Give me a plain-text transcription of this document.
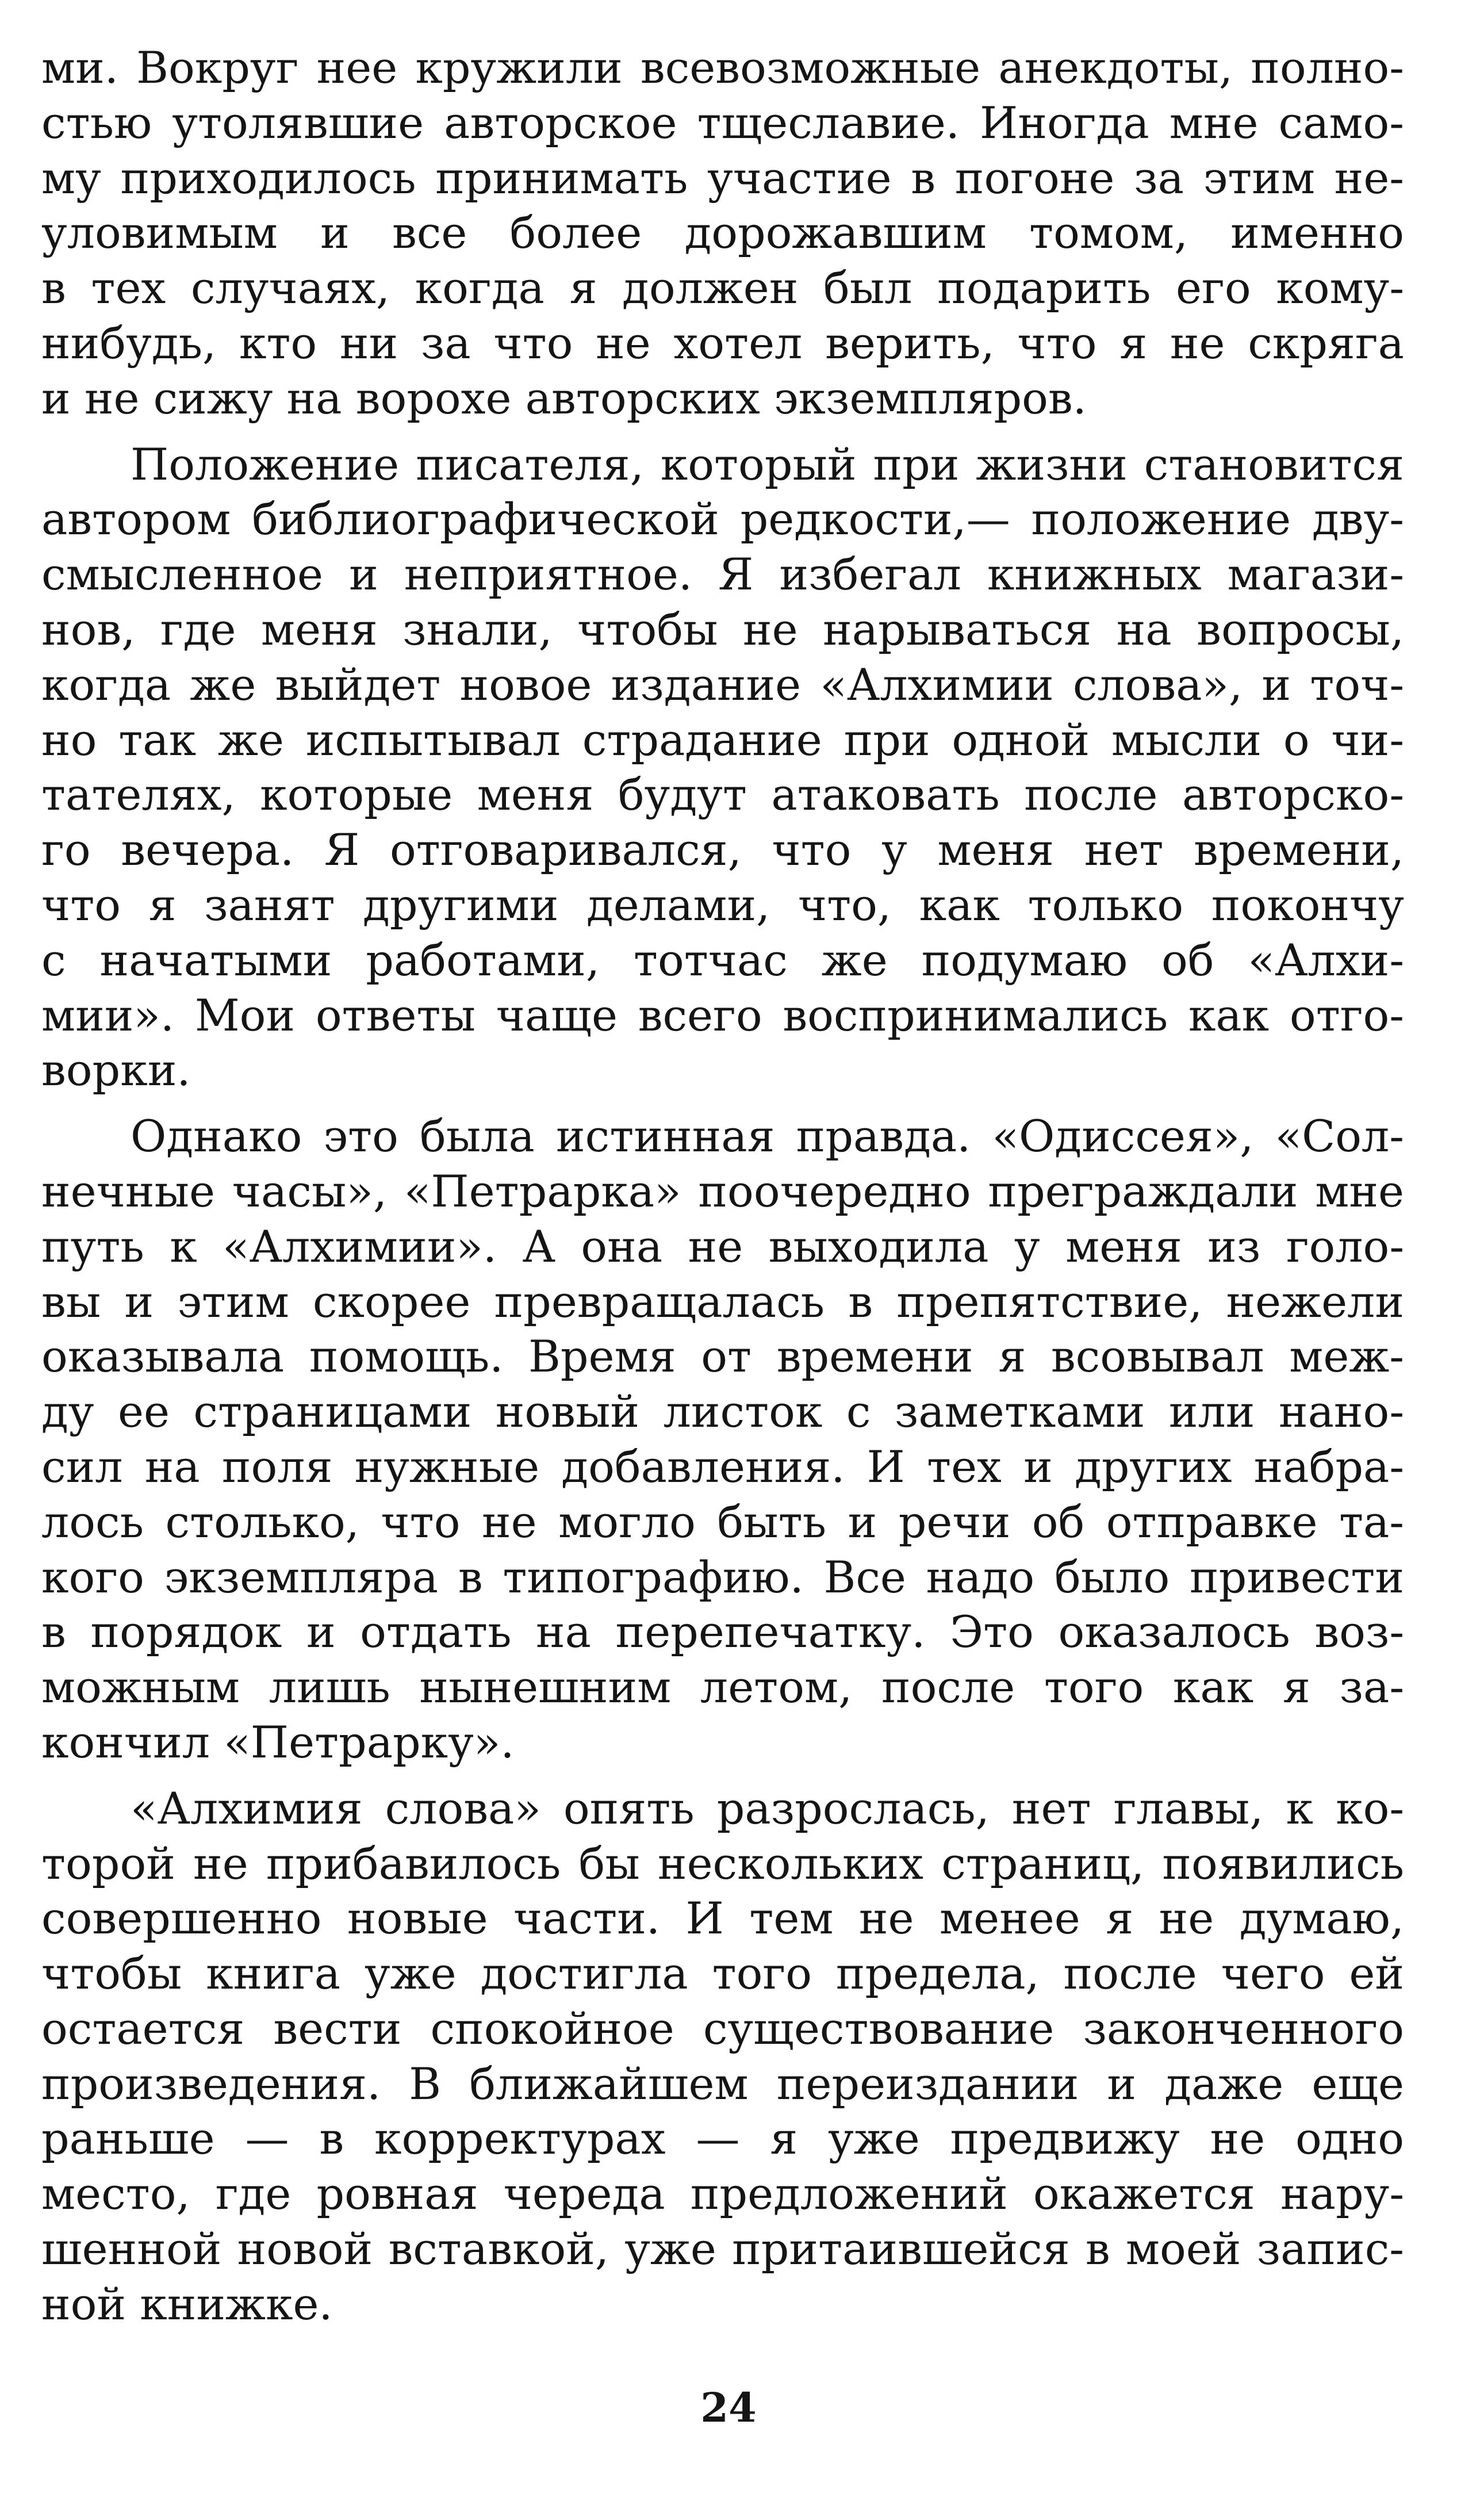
ми. Вокруг нее кружили всевозможные анекдоты, полно-
стью утолявшие авторское тщеславие. Иногда мне само-
му приходилось принимать участие в погоне за этим не-
уловимым и все более дорожавшим томом, именно
в тех случаях, когда я должен был подарить его кому-
нибудь, кто ни за что не хотел верить, что я не скряга
и не сижу на ворохе авторских экземпляров.
Положение писателя, который при жизни становится
автором библиографической редкости,— положение дву-
смысленное и неприятное. Я избегал книжных магази-
нов, где меня знали, чтобы не нарываться на вопросы,
когда же выйдет новое издание «Алхимии слова», и точ-
но так же испытывал страдание при одной мысли о чи-
тателях, которые меня будут атаковать после авторско-
го вечера. Я отговаривался, что у меня нет времени,
что я занят другими делами, что, как только покончу
с начатыми работами, тотчас же подумаю об «Алхи-
мии». Мои ответы чаще всего воспринимались как отго-
ворки.
Однако это была истинная правда. «Одиссея», «Сол-
нечные часы», «Петрарка» поочередно преграждали мне
путь к «Алхимии». А она не выходила у меня из голо-
вы и этим скорее превращалась в препятствие, нежели
оказывала помощь. Время от времени я всовывал меж-
ду ее страницами новый листок с заметками или нано-
сил на поля нужные добавления. И тех и других набра-
лось столько, что не могло быть и речи об отправке та-
кого экземпляра в типографию. Все надо было привести
в порядок и отдать на перепечатку. Это оказалось воз-
можным лишь нынешним летом, после того как я за-
кончил «Петрарку».
«Алхимия слова» опять разрослась, нет главы, к ко-
торой не прибавилось бы нескольких страниц, появились
совершенно новые части. И тем не менее я не думаю,
чтобы книга уже достигла того предела, после чего ей
остается вести спокойное существование законченного
произведения. В ближайшем переиздании и даже еще
раньше — в корректурах — я уже предвижу не одно
место, где ровная череда предложений окажется нару-
шенной новой вставкой, уже притаившейся в моей запис-
ной книжке.
24
